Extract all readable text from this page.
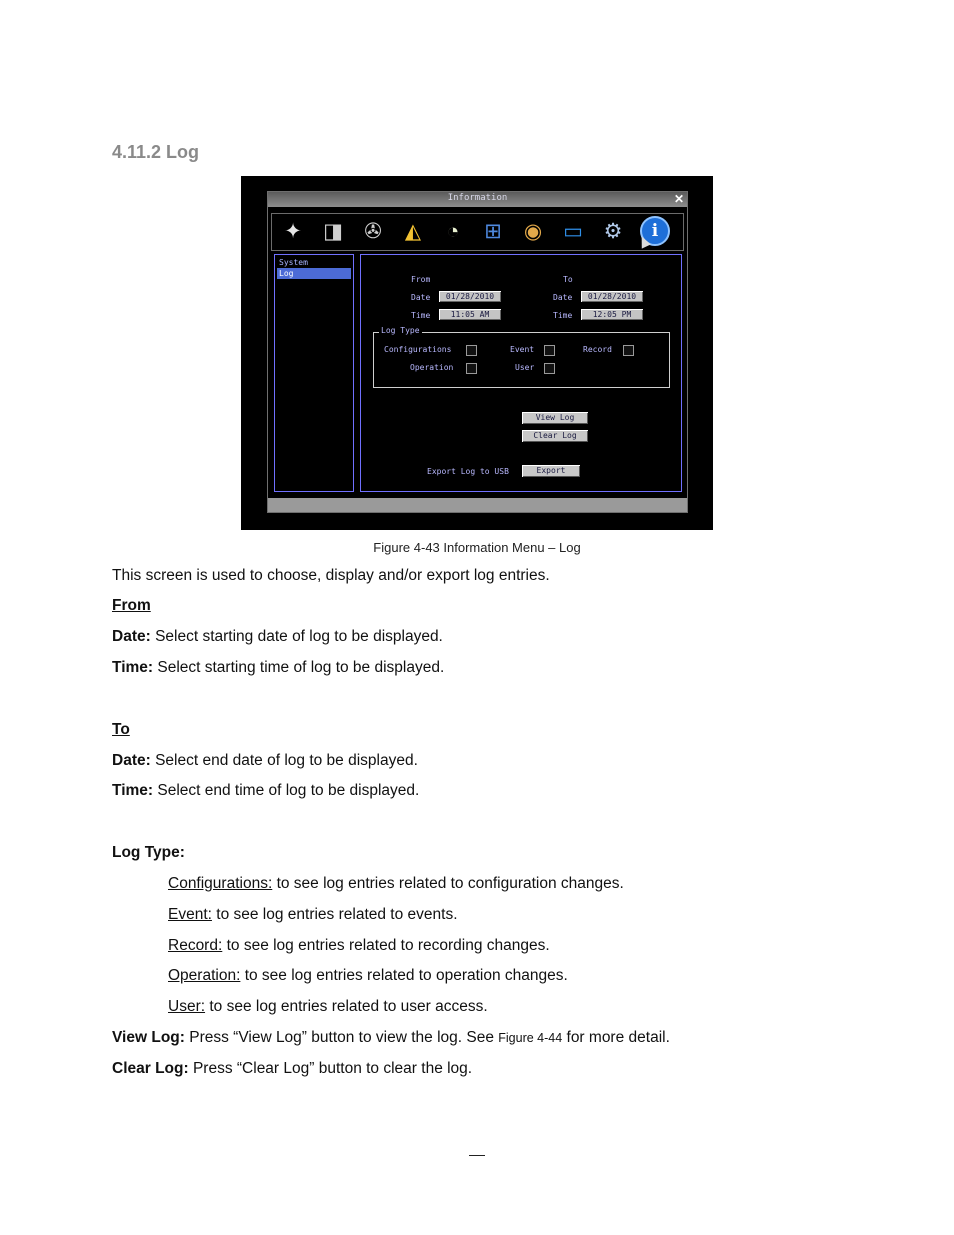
4.11.2 Log
Information	✕
✦ ◨ ✇	◭	◔	⊞ ◉ ▭ ⚙	i
System
Log
From	To
Date	01/28/2010	Date	01/28/2010
Time	11:05 AM	Time	12:05 PM
Log Type
Configurations	Event	Record
Operation	User
View Log
Clear Log
Export Log to USB	Export
Figure 4-43 Information Menu – Log
This screen is used to choose, display and/or export log entries.
From
Date: Select starting date of log to be displayed.
Time: Select starting time of log to be displayed.
To
Date: Select end date of log to be displayed.
Time: Select end time of log to be displayed.
Log Type:
Configurations: to see log entries related to configuration changes.
Event: to see log entries related to events.
Record: to see log entries related to recording changes.
Operation: to see log entries related to operation changes.
User: to see log entries related to user access.
View Log: Press “View Log” button to view the log. See Figure 4-44 for more detail.
Clear Log: Press “Clear Log” button to clear the log.
